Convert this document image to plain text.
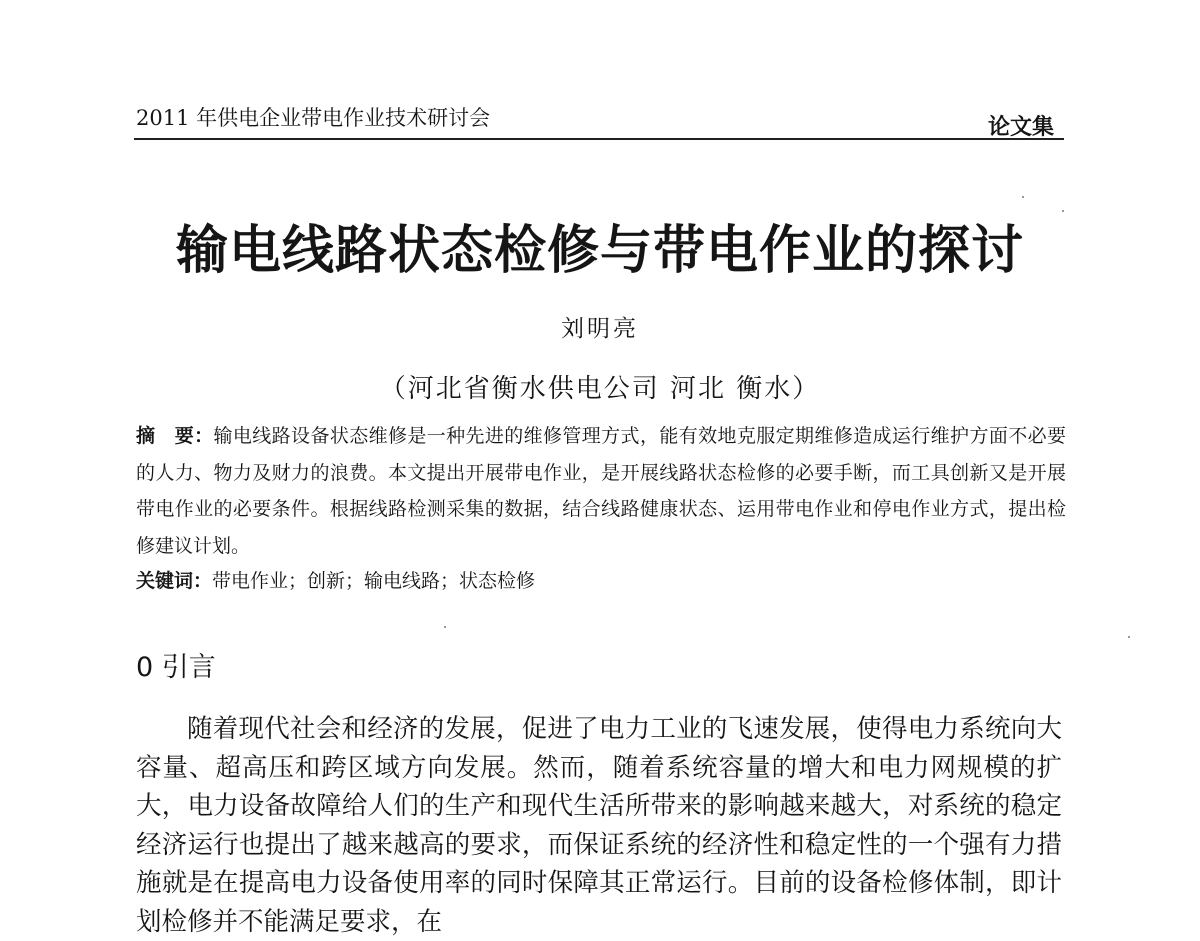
2011 年供电企业带电作业技术研讨会	论文集
输电线路状态检修与带电作业的探讨
刘明亮
（河北省衡水供电公司 河北 衡水）
摘　要：输电线路设备状态维修是一种先进的维修管理方式，能有效地克服定期维修造成运行维护方面不必要的人力、物力及财力的浪费。本文提出开展带电作业，是开展线路状态检修的必要手断，而工具创新又是开展带电作业的必要条件。根据线路检测采集的数据，结合线路健康状态、运用带电作业和停电作业方式，提出检修建议计划。
关键词：带电作业；创新；输电线路；状态检修
0 引言
随着现代社会和经济的发展，促进了电力工业的飞速发展，使得电力系统向大容量、超高压和跨区域方向发展。然而，随着系统容量的增大和电力网规模的扩大，电力设备故障给人们的生产和现代生活所带来的影响越来越大，对系统的稳定经济运行也提出了越来越高的要求，而保证系统的经济性和稳定性的一个强有力措施就是在提高电力设备使用率的同时保障其正常运行。目前的设备检修体制，即计划检修并不能满足要求，在
